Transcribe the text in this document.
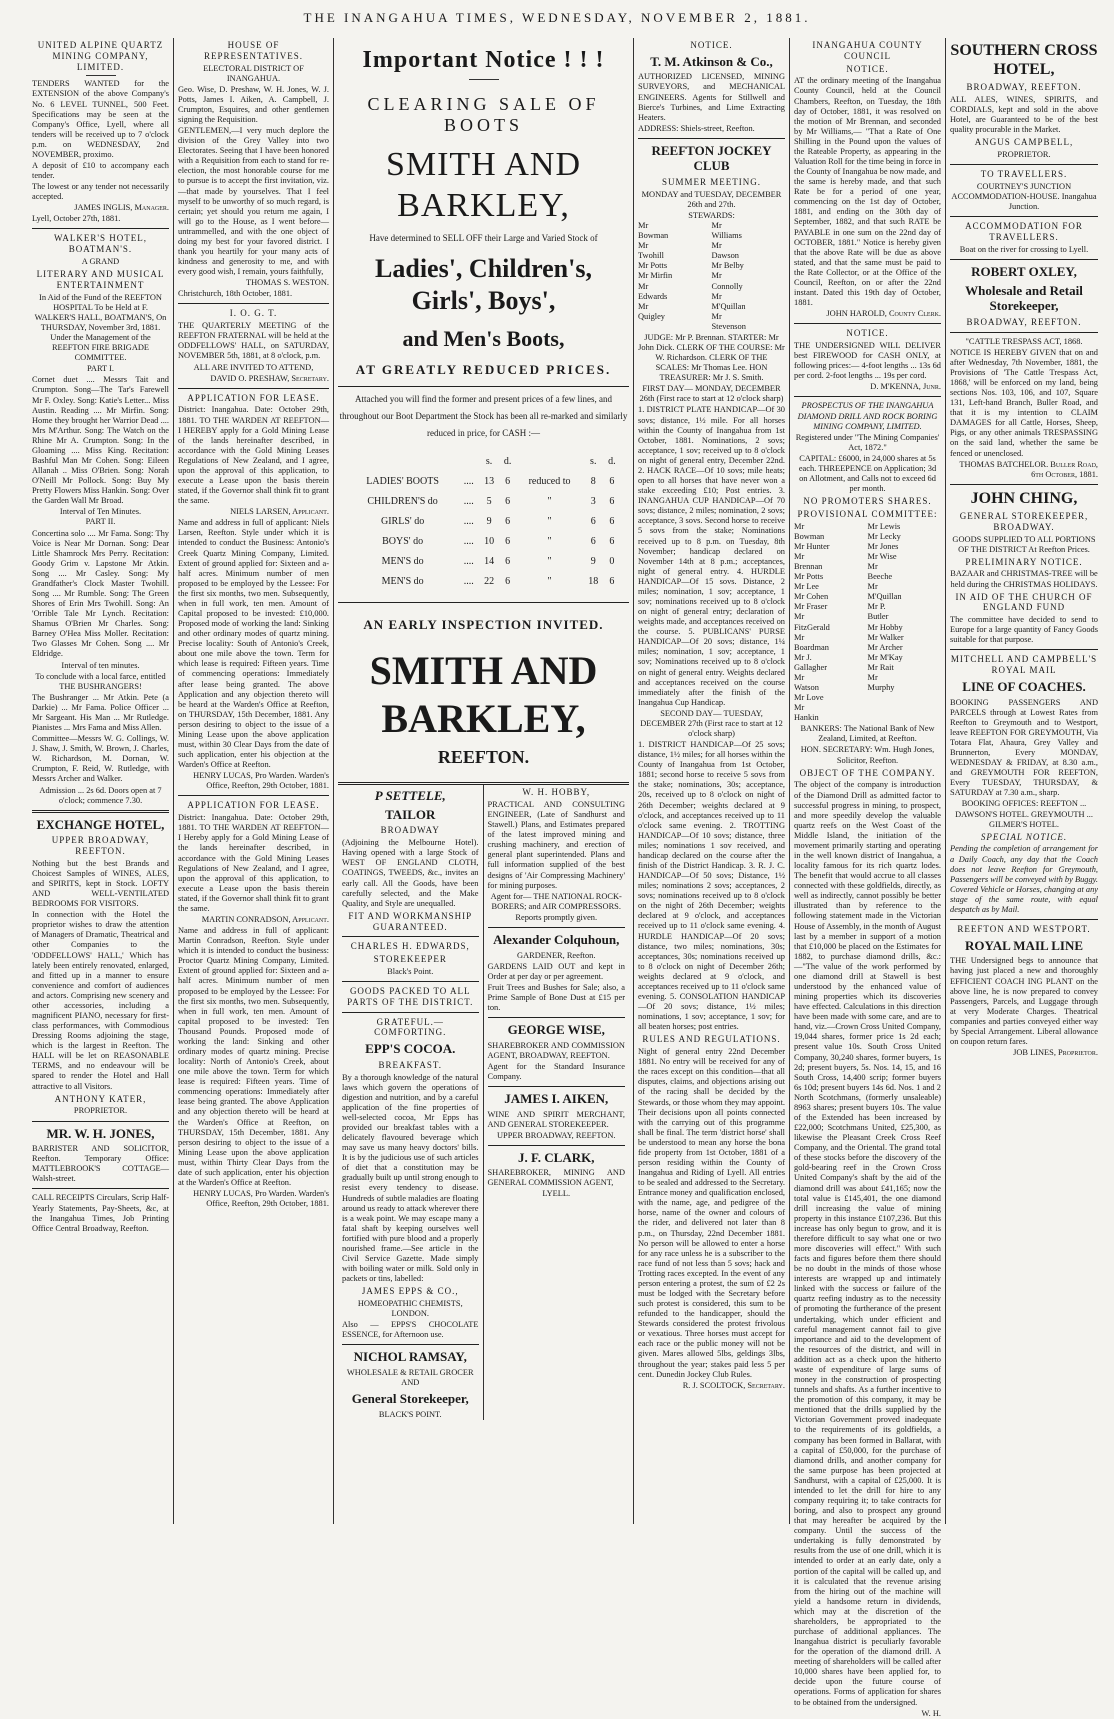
THE INANGAHUA TIMES, WEDNESDAY, NOVEMBER 2, 1881.
UNITED ALPINE QUARTZ MINING COMPANY, LIMITED.

TENDERS WANTED for the EXTENSION of the above Company's No. 6 LEVEL TUNNEL, 500 Feet. Specifications may be seen at the Company's Office, Lyell, where all tenders will be received up to 7 o'clock p.m. on WEDNESDAY, 2nd NOVEMBER, proximo.

A deposit of £10 to accompany each tender.

The lowest or any tender not necessarily accepted.

JAMES INGLIS, Manager.

Lyell, October 27th, 1881.

WALKER'S HOTEL, BOATMAN'S.
A GRAND
LITERARY AND MUSICAL ENTERTAINMENT

In Aid of the Fund of the REEFTON HOSPITAL To be Held at F. WALKER'S HALL, BOATMAN'S, On THURSDAY, November 3rd, 1881. Under the Management of the REEFTON FIRE BRIGADE COMMITTEE.

PART I.

Cornet duet .... Messrs Tait and Crumpton. Song—The Tar's Farewell Mr F. Oxley. Song: Katie's Letter... Miss Austin. Reading .... Mr Mirfin. Song: Home they brought her Warrior Dead .... Mrs M'Arthur. Song: The Watch on the Rhine Mr A. Crumpton. Song: In the Gloaming .... Miss King. Recitation: Bashful Man Mr Cohen. Song: Eileen Allanah .. Miss O'Brien. Song: Norah O'Neill Mr Pollock. Song: Buy My Pretty Flowers Miss Hankin. Song: Over the Garden Wall Mr Broad.

Interval of Ten Minutes.
PART II.

Concertina solo .... Mr Fama. Song: Thy Voice is Near Mr Dornan. Song: Dear Little Shamrock Mrs Perry. Recitation: Goody Grim v. Lapstone Mr Atkin. Song .... Mr Casley. Song: My Grandfather's Clock Master Twohill. Song .... Mr Rumble. Song: The Green Shores of Erin Mrs Twohill. Song: An 'Orrible Tale Mr Lynch. Recitation: Shamus O'Brien Mr Charles. Song: Barney O'Hea Miss Moller. Recitation: Two Glasses Mr Cohen. Song .... Mr Eldridge.

Interval of ten minutes.

To conclude with a local farce, entitled THE BUSHRANGERS!

The Bushranger ... Mr Atkin. Pete (a Darkie) ... Mr Fama. Police Officer ... Mr Sargeant. His Man ... Mr Rutledge. Pianistes ... Mrs Fama and Miss Allen.

Committee—Messrs W. G. Collings, W. J. Shaw, J. Smith, W. Brown, J. Charles, W. Richardson, M. Dornan, W. Crumpton, F. Reid, W. Rutledge, with Messrs Archer and Walker.

Admission ... 2s 6d. Doors open at 7 o'clock; commence 7.30.

EXCHANGE HOTEL,
UPPER BROADWAY, REEFTON.

Nothing but the best Brands and Choicest Samples of WINES, ALES, and SPIRITS, kept in Stock. LOFTY AND WELL-VENTILATED BEDROOMS FOR VISITORS.

In connection with the Hotel the proprietor wishes to draw the attention of Managers of Dramatic, Theatrical and other Companies to the 'ODDFELLOWS' HALL,' Which has lately been entirely renovated, enlarged, and fitted up in a manner to ensure convenience and comfort of audiences and actors. Comprising new scenery and other accessories, including a magnificent PIANO, necessary for first-class performances, with Commodious Dressing Rooms adjoining the stage, which is the largest in Reefton. The HALL will be let on REASONABLE TERMS, and no endeavour will be spared to render the Hotel and Hall attractive to all Visitors.

ANTHONY KATER,
PROPRIETOR.
MR. W. H. JONES,

BARRISTER AND SOLICITOR, Reefton. Temporary Office: MATTLEBROOK'S COTTAGE—Walsh-street.

CALL RECEIPTS Circulars, Scrip Half-Yearly Statements, Pay-Sheets, &c, at the Inangahua Times, Job Printing Office Central Broadway, Reefton.

HOUSE OF REPRESENTATIVES.
ELECTORAL DISTRICT OF INANGAHUA.

Geo. Wise, D. Preshaw, W. H. Jones, W. J. Potts, James I. Aiken, A. Campbell, J. Crumpton, Esquires, and other gentlemen signing the Requisition.

GENTLEMEN,—I very much deplore the division of the Grey Valley into two Electorates. Seeing that I have been honored with a Requisition from each to stand for re-election, the most honorable course for me to pursue is to accept the first invitation, viz.—that made by yourselves. That I feel myself to be unworthy of so much regard, is certain; yet should you return me again, I will go to the House, as I went before—untrammelled, and with the one object of doing my best for your favored district. I thank you heartily for your many acts of kindness and generosity to me, and with every good wish, I remain, yours faithfully,

THOMAS S. WESTON.

Christchurch, 18th October, 1881.

I. O. G. T.

THE QUARTERLY MEETING of the REEFTON FRATERNAL will be held at the ODDFELLOWS' HALL, on SATURDAY, NOVEMBER 5th, 1881, at 8 o'clock, p.m.

ALL ARE INVITED TO ATTEND,

DAVID O. PRESHAW, Secretary.

APPLICATION FOR LEASE.

District: Inangahua. Date: October 29th, 1881. TO THE WARDEN AT REEFTON— I HEREBY apply for a Gold Mining Lease of the lands hereinafter described, in accordance with the Gold Mining Leases Regulations of New Zealand, and I agree, upon the approval of this application, to execute a Lease upon the basis therein stated, if the Governor shall think fit to grant the same.

NIELS LARSEN, Applicant.

Name and address in full of applicant: Niels Larsen, Reefton. Style under which it is intended to conduct the Business: Antonio's Creek Quartz Mining Company, Limited. Extent of ground applied for: Sixteen and a-half acres. Minimum number of men proposed to be employed by the Lessee: For the first six months, two men. Subsequently, when in full work, ten men. Amount of Capital proposed to be invested: £10,000. Proposed mode of working the land: Sinking and other ordinary modes of quartz mining. Precise locality: South of Antonio's Creek, about one mile above the town. Term for which lease is required: Fifteen years. Time of commencing operations: Immediately after lease being granted. The above Application and any objection thereto will be heard at the Warden's Office at Reefton, on THURSDAY, 15th December, 1881. Any person desiring to object to the issue of a Mining Lease upon the above application must, within 30 Clear Days from the date of such application, enter his objection at the Warden's Office at Reefton.

HENRY LUCAS, Pro Warden. Warden's Office, Reefton, 29th October, 1881.

APPLICATION FOR LEASE.

District: Inangahua. Date: October 29th, 1881. TO THE WARDEN AT REEFTON— I Hereby apply for a Gold Mining Lease of the lands hereinafter described, in accordance with the Gold Mining Leases Regulations of New Zealand, and I agree, upon the approval of this application, to execute a Lease upon the basis therein stated, if the Governor shall think fit to grant the same.

MARTIN CONRADSON, Applicant.

Name and address in full of applicant: Martin Conradson, Reefton. Style under which it is intended to conduct the business: Proctor Quartz Mining Company, Limited. Extent of ground applied for: Sixteen and a-half acres. Minimum number of men proposed to be employed by the Lessee: For the first six months, two men. Subsequently, when in full work, ten men. Amount of capital proposed to be invested: Ten Thousand Pounds. Proposed mode of working the land: Sinking and other ordinary modes of quartz mining. Precise locality: North of Antonio's Creek, about one mile above the town. Term for which lease is required: Fifteen years. Time of commencing operations: Immediately after lease being granted. The above Application and any objection thereto will be heard at the Warden's Office at Reefton, on THURSDAY, 15th December, 1881. Any person desiring to object to the issue of a Mining Lease upon the above application must, within Thirty Clear Days from the date of such application, enter his objection at the Warden's Office at Reefton.

HENRY LUCAS, Pro Warden. Warden's Office, Reefton, 29th October, 1881.

Important Notice ! ! !
CLEARING SALE OF BOOTS
SMITH AND BARKLEY,
Have determined to SELL OFF their Large and Varied Stock of
Ladies', Children's, Girls', Boys',
and Men's Boots,
AT GREATLY REDUCED PRICES.

Attached you will find the former and present prices of a few lines, and throughout our Boot Department the Stock has been all re-marked and similarly reduced in price, for CASH :—

		s.	d.		s.	d.
LADIES' BOOTS	....	13	6	reduced to	8	6
CHILDREN'S do	....	5	6	"	3	6
GIRLS' do	....	9	6	"	6	6
BOYS' do	....	10	6	"	6	6
MEN'S do	....	14	6	"	9	0
MEN'S do	....	22	6	"	18	6
AN EARLY INSPECTION INVITED.
SMITH AND BARKLEY,
REEFTON.
P SETTELE,
TAILOR
BROADWAY

(Adjoining the Melbourne Hotel). Having opened with a large Stock of WEST OF ENGLAND CLOTH, COATINGS, TWEEDS, &c., invites an early call. All the Goods, have been carefully selected, and the Make Quality, and Style are unequalled.

FIT AND WORKMANSHIP GUARANTEED.
CHARLES H. EDWARDS,
STOREKEEPER
Black's Point.
GOODS PACKED TO ALL PARTS OF THE DISTRICT.
GRATEFUL.—COMFORTING.
EPP'S COCOA.
BREAKFAST.

By a thorough knowledge of the natural laws which govern the operations of digestion and nutrition, and by a careful application of the fine properties of well-selected cocoa, Mr Epps has provided our breakfast tables with a delicately flavoured beverage which may save us many heavy doctors' bills. It is by the judicious use of such articles of diet that a constitution may be gradually built up until strong enough to resist every tendency to disease. Hundreds of subtle maladies are floating around us ready to attack wherever there is a weak point. We may escape many a fatal shaft by keeping ourselves well fortified with pure blood and a properly nourished frame.—See article in the Civil Service Gazette. Made simply with boiling water or milk. Sold only in packets or tins, labelled:

JAMES EPPS & CO.,
HOMEOPATHIC CHEMISTS, LONDON.

Also — EPPS'S CHOCOLATE ESSENCE, for Afternoon use.

NICHOL RAMSAY,

WHOLESALE & RETAIL GROCER AND

General Storekeeper,
BLACK'S POINT.
W. H. HOBBY,

PRACTICAL AND CONSULTING ENGINEER, (Late of Sandhurst and Stawell.) Plans, and Estimates prepared of the latest improved mining and crushing machinery, and erection of general plant superintended. Plans and full information supplied of the best designs of 'Air Compressing Machinery' for mining purposes.

Agent for— THE NATIONAL ROCK-BORERS; and AIR COMPRESSORS.

Reports promptly given.
Alexander Colquhoun,
GARDENER, Reefton.

GARDENS LAID OUT and kept in Order at per day or per agreement.

Fruit Trees and Bushes for Sale; also, a Prime Sample of Bone Dust at £15 per ton.

GEORGE WISE,

SHAREBROKER AND COMMISSION AGENT, BROADWAY, REEFTON.

Agent for the Standard Insurance Company.

JAMES I. AIKEN,

WINE AND SPIRIT MERCHANT, AND GENERAL STOREKEEPER.

UPPER BROADWAY, REEFTON.
J. F. CLARK,

SHAREBROKER, MINING AND GENERAL COMMISSION AGENT,

LYELL.
NOTICE.
T. M. Atkinson & Co.,

AUTHORIZED LICENSED, MINING SURVEYORS, and MECHANICAL ENGINEERS. Agents for Stillwell and Bierce's Turbines, and Lime Extracting Heaters.

ADDRESS: Shiels-street, Reefton.

REEFTON JOCKEY CLUB
SUMMER MEETING.

MONDAY and TUESDAY, DECEMBER 26th and 27th.

STEWARDS:
Mr Bowman
Mr Twohill
Mr Potts
Mr Mirfin
Mr Edwards
Mr Quigley
Mr Williams
Mr Dawson
Mr Belby
Mr Connolly
Mr M'Quillan
Mr Stevenson

JUDGE: Mr P. Brennan. STARTER: Mr John Dick. CLERK OF THE COURSE: Mr W. Richardson. CLERK OF THE SCALES: Mr Thomas Lee. HON TREASURER: Mr J. S. Smith.

FIRST DAY— MONDAY, DECEMBER 26th (First race to start at 12 o'clock sharp)

1. DISTRICT PLATE HANDICAP—Of 30 sovs; distance, 1½ mile. For all horses within the County of Inangahua from 1st October, 1881. Nominations, 2 sovs; acceptance, 1 sov; received up to 8 o'clock on night of general entry, December 22nd. 2. HACK RACE—Of 10 sovs; mile heats; open to all horses that have never won a stake exceeding £10; Post entries. 3. INANGAHUA CUP HANDICAP—Of 70 sovs; distance, 2 miles; nomination, 2 sovs; acceptance, 3 sovs. Second horse to receive 5 sovs from the stake; Nominations received up to 8 p.m. on Tuesday, 8th November; handicap declared on November 14th at 8 p.m.; acceptances, night of general entry. 4. HURDLE HANDICAP—Of 15 sovs. Distance, 2 miles; nomination, 1 sov; acceptance, 1 sov; nominations received up to 8 o'clock on night of general entry; declaration of weights made, and acceptances received on the course. 5. PUBLICANS' PURSE HANDICAP—Of 20 sovs; distance, 1¼ miles; nomination, 1 sov; acceptance, 1 sov; Nominations received up to 8 o'clock on night of general entry. Weights declared and acceptances received on the course immediately after the finish of the Inangahua Cup Handicap.

SECOND DAY— TUESDAY, DECEMBER 27th (First race to start at 12 o'clock sharp)

1. DISTRICT HANDICAP—Of 25 sovs; distance, 1½ miles; for all horses within the County of Inangahua from 1st October, 1881; second horse to receive 5 sovs from the stake; nominations, 30s; acceptance, 20s, received up to 8 o'clock on night of 26th December; weights declared at 9 o'clock, and acceptances received up to 11 o'clock same evening. 2. TROTTING HANDICAP—Of 10 sovs; distance, three miles; nominations 1 sov received, and handicap declared on the course after the finish of the District Handicap. 3. R. J. C. HANDICAP—Of 50 sovs; Distance, 1½ miles; nominations 2 sovs; acceptances, 2 sovs; nominations received up to 8 o'clock on the night of 26th December; weights declared at 9 o'clock, and acceptances received up to 11 o'clock same evening. 4. HURDLE HANDICAP—Of 20 sovs; distance, two miles; nominations, 30s; acceptances, 30s; nominations received up to 8 o'clock on night of December 26th; weights declared at 9 o'clock, and acceptances received up to 11 o'clock same evening. 5. CONSOLATION HANDICAP—Of 20 sovs; distance, 1½ miles; nominations, 1 sov; acceptance, 1 sov; for all beaten horses; post entries.

RULES AND REGULATIONS.

Night of general entry 22nd December 1881. No entry will be received for any of the races except on this condition—that all disputes, claims, and objections arising out of the racing shall be decided by the Stewards, or those whom they may appoint. Their decisions upon all points connected with the carrying out of this programme shall be final. The term 'district horse' shall be understood to mean any horse the bona fide property from 1st October, 1881 of a person residing within the County of Inangahua and Riding of Lyell. All entries to be sealed and addressed to the Secretary. Entrance money and qualification enclosed, with the name, age, and pedigree of the horse, name of the owner and colours of the rider, and delivered not later than 8 p.m., on Thursday, 22nd December 1881. No person will be allowed to enter a horse for any race unless he is a subscriber to the race fund of not less than 5 sovs; hack and Trotting races excepted. In the event of any person entering a protest, the sum of £2 2s must be lodged with the Secretary before such protest is considered, this sum to be refunded to the handicapper, should the Stewards considered the protest frivolous or vexatious. Three horses must accept for each race or the public money will not be given. Mares allowed 5lbs, geldings 3lbs, throughout the year; stakes paid less 5 per cent. Dunedin Jockey Club Rules.

R. J. SCOLTOCK, Secretary.

INANGAHUA COUNTY COUNCIL
NOTICE.

AT the ordinary meeting of the Inangahua County Council, held at the Council Chambers, Reefton, on Tuesday, the 18th day of October, 1881, it was resolved on the motion of Mr Brennan, and seconded by Mr Williams,— "That a Rate of One Shilling in the Pound upon the values of the Rateable Property, as appearing in the Valuation Roll for the time being in force in the County of Inangahua be now made, and the same is hereby made, and that such Rate be for a period of one year, commencing on the 1st day of October, 1881, and ending on the 30th day of September, 1882, and that such RATE be PAYABLE in one sum on the 22nd day of OCTOBER, 1881." Notice is hereby given that the above Rate will be due as above stated, and that the same must be paid to the Rate Collector, or at the Office of the Council, Reefton, on or after the 22nd instant. Dated this 19th day of October, 1881.

JOHN HAROLD, County Clerk.

NOTICE.

THE UNDERSIGNED WILL DELIVER best FIREWOOD for CASH ONLY, at following prices:— 4-foot lengths ... 13s 6d per cord. 2-foot lengths ... 19s per cord.

D. M'KENNA, Junr.

PROSPECTUS OF THE INANGAHUA DIAMOND DRILL AND ROCK BORING MINING COMPANY, LIMITED.

Registered under "The Mining Companies' Act, 1872."

CAPITAL: £6000, in 24,000 shares at 5s each. THREEPENCE on Application; 3d on Allotment, and Calls not to exceed 6d per month.

NO PROMOTERS SHARES.
PROVISIONAL COMMITTEE:
Mr Bowman
Mr Hunter
Mr Brennan
Mr Potts
Mr Lee
Mr Cohen
Mr Fraser
Mr FitzGerald
Mr Boardman
Mr J. Gallagher
Mr Watson
Mr Love
Mr Hankin
Mr Lewis
Mr Lecky
Mr Jones
Mr Wise
Mr Beeche
Mr M'Quillan
Mr P. Butler
Mr Hobby
Mr Walker
Mr Archer
Mr M'Kay
Mr Rait
Mr Murphy

BANKERS: The National Bank of New Zealand, Limited, at Reefton.

HON. SECRETARY: Wm. Hugh Jones, Solicitor, Reefton.

OBJECT OF THE COMPANY.

The object of the company is introduction of the Diamond Drill as admitted factor to successful progress in mining, to prospect, and more speedily develop the valuable quartz reefs on the West Coast of the Middle Island, the initiation of the movement primarily starting and operating in the well known district of Inangahua, a locality famous for its rich quartz lodes. The benefit that would accrue to all classes connected with these goldfields, directly, as well as indirectly, cannot possibly be better illustrated than by reference to the following statement made in the Victorian House of Assembly, in the month of August last by a member in support of a motion that £10,000 be placed on the Estimates for 1882, to purchase diamond drills, &c.:—"The value of the work performed by one diamond drill at Stawell is best understood by the enhanced value of mining properties which its discoveries have effected. Calculations in this direction have been made with some care, and are to hand, viz.—Crown Cross United Company, 19,044 shares, former price 1s 2d each; present value 10s. South Cross United Company, 30,240 shares, former buyers, 1s 2d; present buyers, 5s. Nos. 14, 15, and 16 South Cross, 14,400 scrip; former buyers 6s 10d; present buyers 14s 6d. Nos. 1 and 2 North Scotchmans, (formerly unsaleable) 8963 shares; present buyers 10s. The value of the Extended has been increased by £22,000; Scotchmans United, £25,300, as likewise the Pleasant Creek Cross Reef Company, and the Oriental. The grand total of these stocks before the discovery of the gold-bearing reef in the Crown Cross United Company's shaft by the aid of the diamond drill was about £41,165; now the total value is £145,401, the one diamond drill increasing the value of mining property in this instance £107,236. But this increase has only begun to grow, and it is therefore difficult to say what one or two more discoveries will effect." With such facts and figures before them there should be no doubt in the minds of those whose interests are wrapped up and intimately linked with the success or failure of the quartz reefing industry as to the necessity of promoting the furtherance of the present undertaking, which under efficient and careful management cannot fail to give importance and aid to the development of the resources of the district, and will in addition act as a check upon the hitherto waste of expenditure of large sums of money in the construction of prospecting tunnels and shafts. As a further incentive to the promotion of this company, it may be mentioned that the drills supplied by the Victorian Government proved inadequate to the requirements of its goldfields, a company has been formed in Ballarat, with a capital of £50,000, for the purchase of diamond drills, and another company for the same purpose has been projected at Sandhurst, with a capital of £25,000. It is intended to let the drill for hire to any company requiring it; to take contracts for boring, and also to prospect any ground that may hereafter be acquired by the company. Until the success of the undertaking is fully demonstrated by results from the use of one drill, which it is intended to order at an early date, only a portion of the capital will be called up, and it is calculated that the revenue arising from the hiring out of the machine will yield a handsome return in dividends, which may at the discretion of the shareholders, be appropriated to the purchase of additional appliances. The Inangahua district is peculiarly favorable for the operation of the diamond drill. A meeting of shareholders will be called after 10,000 shares have been applied for, to decide upon the future course of operations. Forms of application for shares to be obtained from the undersigned.

W. H.

SOUTHERN CROSS HOTEL,
BROADWAY, REEFTON.

ALL ALES, WINES, SPIRITS, and CORDIALS, kept and sold in the above Hotel, are Guaranteed to be of the best quality procurable in the Market.

ANGUS CAMPBELL,
PROPRIETOR.
TO TRAVELLERS.

COURTNEY'S JUNCTION ACCOMMODATION-HOUSE. Inangahua Junction.

ACCOMMODATION FOR TRAVELLERS.
Boat on the river for crossing to Lyell.
ROBERT OXLEY,
Wholesale and Retail Storekeeper,
BROADWAY, REEFTON.
"CATTLE TRESPASS ACT, 1868.

NOTICE IS HEREBY GIVEN that on and after Wednesday, 7th November, 1881, the Provisions of 'The Cattle Trespass Act, 1868,' will be enforced on my land, being sections Nos. 103, 106, and 107, Square 131, Left-hand Branch, Buller Road, and that it is my intention to CLAIM DAMAGES for all Cattle, Horses, Sheep, Pigs, or any other animals TRESPASSING on the said land, whether the same be fenced or unenclosed.

THOMAS BATCHELOR. Buller Road, 6th October, 1881.

JOHN CHING,
GENERAL STOREKEEPER, BROADWAY.

GOODS SUPPLIED TO ALL PORTIONS OF THE DISTRICT At Reefton Prices.

PRELIMINARY NOTICE.

BAZAAR and CHRISTMAS-TREE will be held during the CHRISTMAS HOLIDAYS.

IN AID OF THE CHURCH OF ENGLAND FUND

The committee have decided to send to Europe for a large quantity of Fancy Goods suitable for that purpose.

MITCHELL AND CAMPBELL'S ROYAL MAIL
LINE OF COACHES.

BOOKING PASSENGERS AND PARCELS through at Lowest Rates from Reefton to Greymouth and to Westport, leave REEFTON FOR GREYMOUTH, Via Totara Flat, Ahaura, Grey Valley and Brunnerton, Every MONDAY, WEDNESDAY & FRIDAY, at 8.30 a.m., and GREYMOUTH FOR REEFTON, Every TUESDAY, THURSDAY, & SATURDAY at 7.30 a.m., sharp.

BOOKING OFFICES: REEFTON ... DAWSON'S HOTEL. GREYMOUTH ... GILMER'S HOTEL.

SPECIAL NOTICE.

Pending the completion of arrangement for a Daily Coach, any day that the Coach does not leave Reefton for Greymouth, Passengers will be conveyed with by Buggy. Covered Vehicle or Horses, changing at any stage of the same route, with equal despatch as by Mail.

REEFTON AND WESTPORT.
ROYAL MAIL LINE

THE Undersigned begs to announce that having just placed a new and thoroughly EFFICIENT COACH ING PLANT on the above line, he is now prepared to convey Passengers, Parcels, and Luggage through at very Moderate Charges. Theatrical companies and parties conveyed either way by Special Arrangement. Liberal allowance on coupon return fares.

JOB LINES, Proprietor.
